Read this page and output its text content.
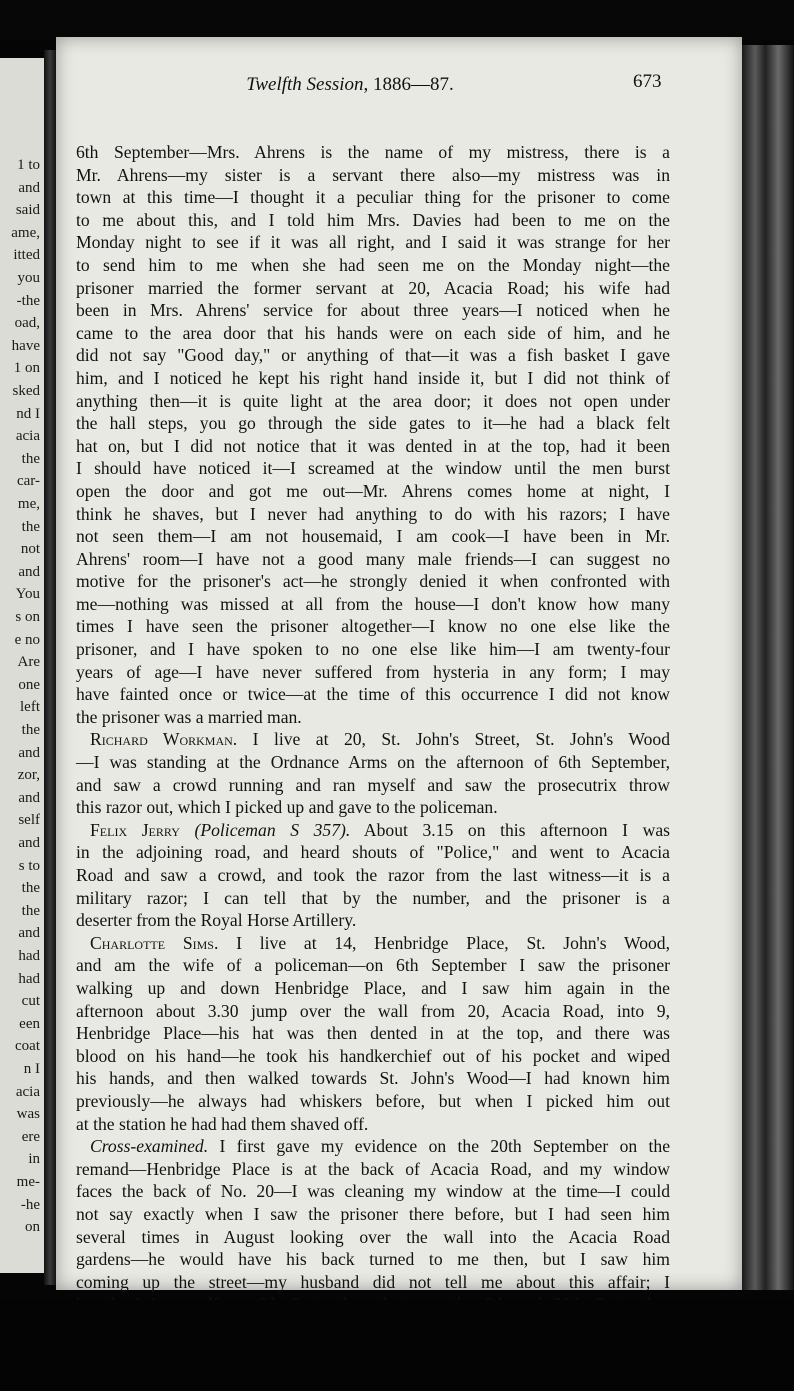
1 to
and
said
ame,
itted
you
-the
oad,
have
1 on
sked
nd I
acia
the
car-
me,
the
not
and
You
s on
e no
Are
one
left
the
and
zor,
and
self
and
s to
the
the
and
had
had
cut
een
coat
n I
acia
was
ere
in
me-
-he
on
Twelfth Session, 1886—87.	673
6th September—Mrs. Ahrens is the name of my mistress, there is a
Mr. Ahrens—my sister is a servant there also—my mistress was in
town at this time—I thought it a peculiar thing for the prisoner to come
to me about this, and I told him Mrs. Davies had been to me on the
Monday night to see if it was all right, and I said it was strange for her
to send him to me when she had seen me on the Monday night—the
prisoner married the former servant at 20, Acacia Road; his wife had
been in Mrs. Ahrens' service for about three years—I noticed when he
came to the area door that his hands were on each side of him, and he
did not say "Good day," or anything of that—it was a fish basket I gave
him, and I noticed he kept his right hand inside it, but I did not think of
anything then—it is quite light at the area door; it does not open under
the hall steps, you go through the side gates to it—he had a black felt
hat on, but I did not notice that it was dented in at the top, had it been
I should have noticed it—I screamed at the window until the men burst
open the door and got me out—Mr. Ahrens comes home at night, I
think he shaves, but I never had anything to do with his razors; I have
not seen them—I am not housemaid, I am cook—I have been in Mr.
Ahrens' room—I have not a good many male friends—I can suggest no
motive for the prisoner's act—he strongly denied it when confronted with
me—nothing was missed at all from the house—I don't know how many
times I have seen the prisoner altogether—I know no one else like the
prisoner, and I have spoken to no one else like him—I am twenty-four
years of age—I have never suffered from hysteria in any form; I may
have fainted once or twice—at the time of this occurrence I did not know
the prisoner was a married man.
Richard Workman. I live at 20, St. John's Street, St. John's Wood
—I was standing at the Ordnance Arms on the afternoon of 6th September,
and saw a crowd running and ran myself and saw the prosecutrix throw
this razor out, which I picked up and gave to the policeman.
Felix Jerry (Policeman S 357). About 3.15 on this afternoon I was
in the adjoining road, and heard shouts of "Police," and went to Acacia
Road and saw a crowd, and took the razor from the last witness—it is a
military razor; I can tell that by the number, and the prisoner is a
deserter from the Royal Horse Artillery.
Charlotte Sims. I live at 14, Henbridge Place, St. John's Wood,
and am the wife of a policeman—on 6th September I saw the prisoner
walking up and down Henbridge Place, and I saw him again in the
afternoon about 3.30 jump over the wall from 20, Acacia Road, into 9,
Henbridge Place—his hat was then dented in at the top, and there was
blood on his hand—he took his handkerchief out of his pocket and wiped
his hands, and then walked towards St. John's Wood—I had known him
previously—he always had whiskers before, but when I picked him out
at the station he had had them shaved off.
Cross-examined. I first gave my evidence on the 20th September on the
remand—Henbridge Place is at the back of Acacia Road, and my window
faces the back of No. 20—I was cleaning my window at the time—I could
not say exactly when I saw the prisoner there before, but I had seen him
several times in August looking over the wall into the Acacia Road
gardens—he would have his back turned to me then, but I saw him
coming up the street—my husband did not tell me about this affair; I
